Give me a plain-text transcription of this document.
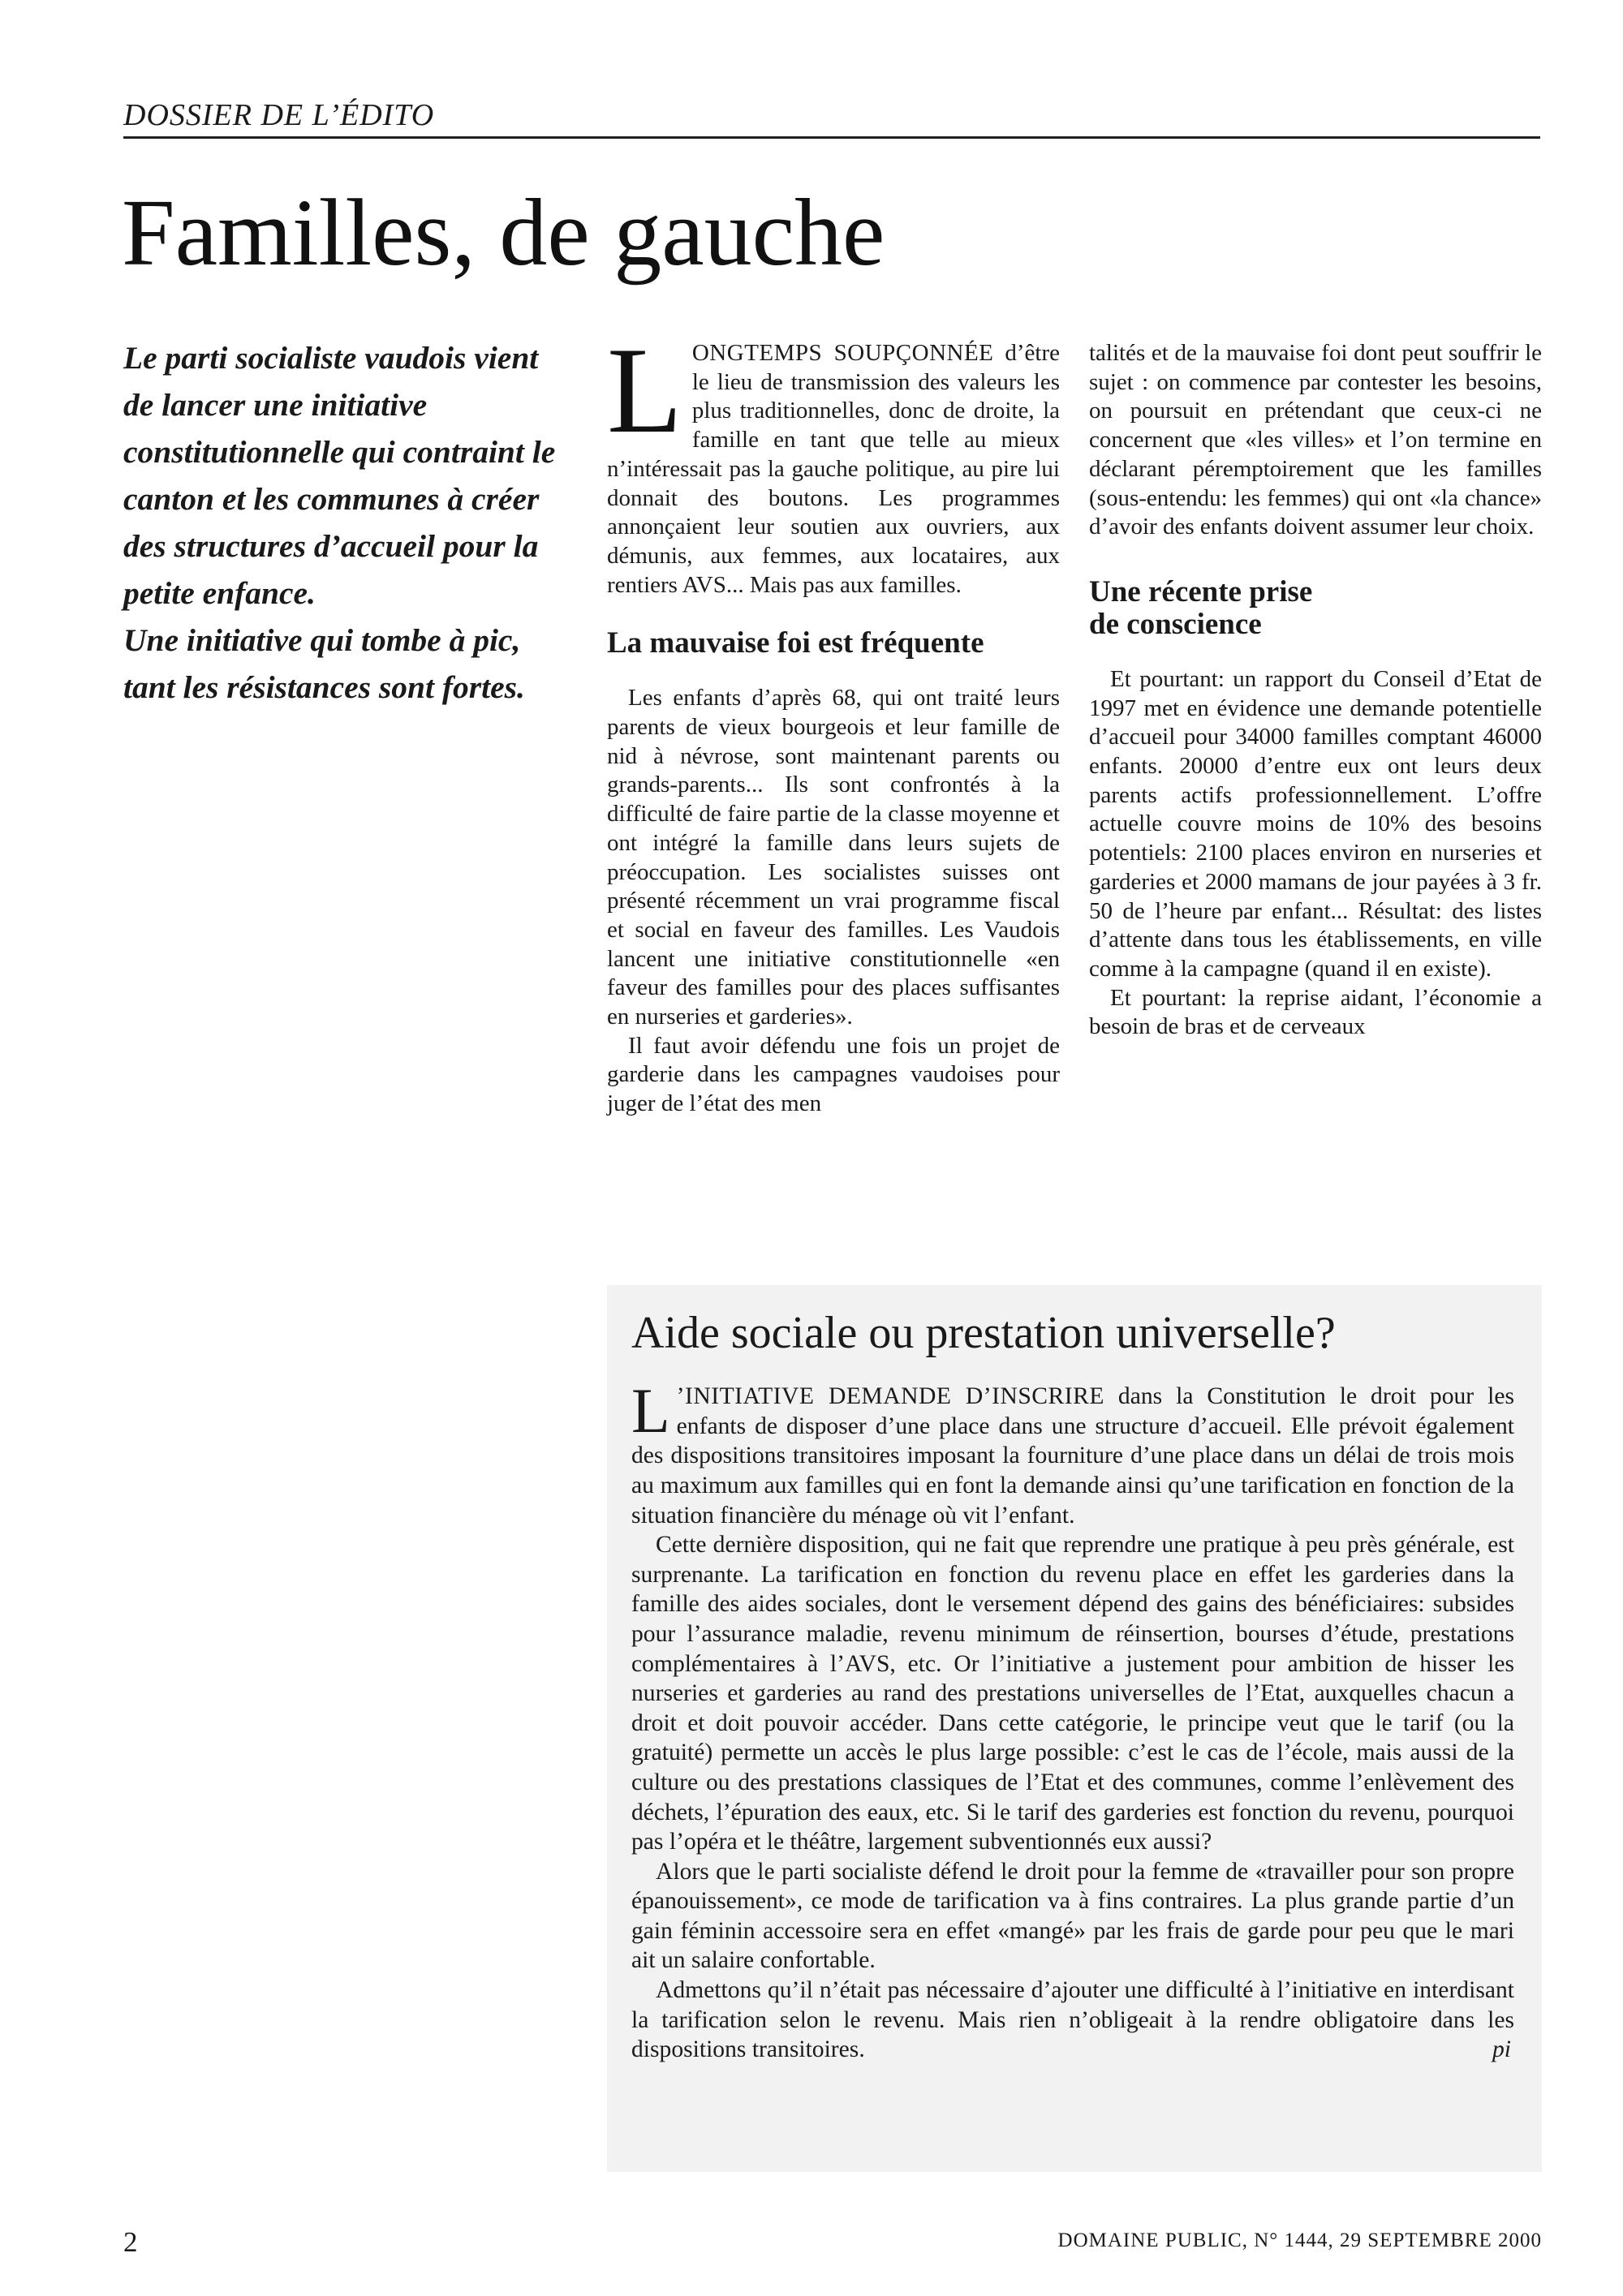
DOSSIER DE L’ÉDITO
Familles, de gauche

Le parti socialiste vaudois vient de lancer une initiative constitutionnelle qui contraint le canton et les communes à créer des structures d’accueil pour la petite enfance.

Une initiative qui tombe à pic, tant les résistances sont fortes.

LONGTEMPS SOUPÇONNÉE d’être le lieu de transmission des valeurs les plus traditionnelles, donc de droite, la famille en tant que telle au mieux n’intéressait pas la gauche politique, au pire lui donnait des boutons. Les programmes annonçaient leur soutien aux ouvriers, aux démunis, aux femmes, aux locataires, aux rentiers AVS... Mais pas aux familles.

La mauvaise foi est fréquente

Les enfants d’après 68, qui ont traité leurs parents de vieux bourgeois et leur famille de nid à névrose, sont maintenant parents ou grands-parents... Ils sont confrontés à la difficulté de faire partie de la classe moyenne et ont intégré la famille dans leurs sujets de préoccupation. Les socialistes suisses ont présenté récemment un vrai programme fiscal et social en faveur des familles. Les Vaudois lancent une initiative constitutionnelle «en faveur des familles pour des places suffisantes en nurseries et garderies».

Il faut avoir défendu une fois un projet de garderie dans les campagnes vaudoises pour juger de l’état des men

talités et de la mauvaise foi dont peut souffrir le sujet : on commence par contester les besoins, on poursuit en prétendant que ceux-ci ne concernent que «les villes» et l’on termine en déclarant péremptoirement que les familles (sous-entendu: les femmes) qui ont «la chance» d’avoir des enfants doivent assumer leur choix.

Une récente prise
de conscience

Et pourtant: un rapport du Conseil d’Etat de 1997 met en évidence une demande potentielle d’accueil pour 34000 familles comptant 46000 enfants. 20000 d’entre eux ont leurs deux parents actifs professionnellement. L’offre actuelle couvre moins de 10% des besoins potentiels: 2100 places environ en nurseries et garderies et 2000 mamans de jour payées à 3 fr. 50 de l’heure par enfant... Résultat: des listes d’attente dans tous les établissements, en ville comme à la campagne (quand il en existe).

Et pourtant: la reprise aidant, l’économie a besoin de bras et de cerveaux

Aide sociale ou prestation universelle?

L ’INITIATIVE DEMANDE D’INSCRIRE dans la Constitution le droit pour les enfants de disposer d’une place dans une structure d’accueil. Elle prévoit également des dispositions transitoires imposant la fourniture d’une place dans un délai de trois mois au maximum aux familles qui en font la demande ainsi qu’une tarification en fonction de la situation financière du ménage où vit l’enfant.

Cette dernière disposition, qui ne fait que reprendre une pratique à peu près générale, est surprenante. La tarification en fonction du revenu place en effet les garderies dans la famille des aides sociales, dont le versement dépend des gains des bénéficiaires: subsides pour l’assurance maladie, revenu minimum de réinsertion, bourses d’étude, prestations complémentaires à l’AVS, etc. Or l’initiative a justement pour ambition de hisser les nurseries et garderies au rand des prestations universelles de l’Etat, auxquelles chacun a droit et doit pouvoir accéder. Dans cette catégorie, le principe veut que le tarif (ou la gratuité) permette un accès le plus large possible: c’est le cas de l’école, mais aussi de la culture ou des prestations classiques de l’Etat et des communes, comme l’enlèvement des déchets, l’épuration des eaux, etc. Si le tarif des garderies est fonction du revenu, pourquoi pas l’opéra et le théâtre, largement subventionnés eux aussi?

Alors que le parti socialiste défend le droit pour la femme de «travailler pour son propre épanouissement», ce mode de tarification va à fins contraires. La plus grande partie d’un gain féminin accessoire sera en effet «mangé» par les frais de garde pour peu que le mari ait un salaire confortable.

Admettons qu’il n’était pas nécessaire d’ajouter une difficulté à l’initiative en interdisant la tarification selon le revenu. Mais rien n’obligeait à la rendre obligatoire dans les dispositions transitoires.	pi

2	DOMAINE PUBLIC, N° 1444, 29 SEPTEMBRE 2000
